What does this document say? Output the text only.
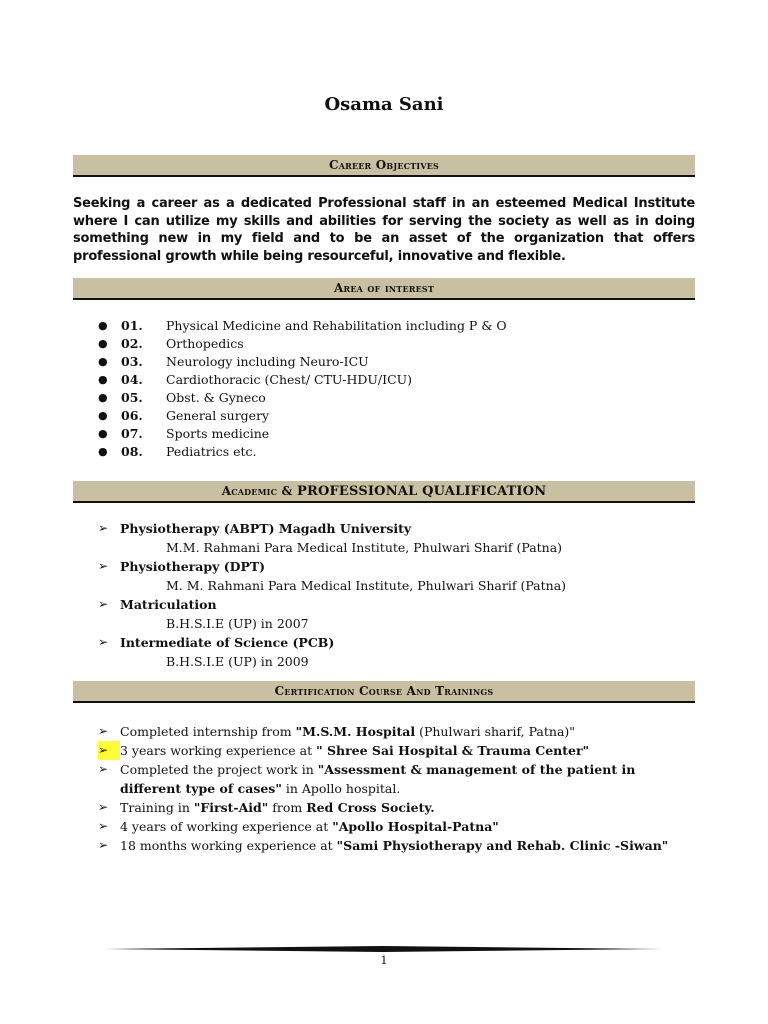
Osama Sani
Career Objectives
Seeking a career as a dedicated Professional staff in an esteemed Medical Institute where I can utilize my skills and abilities for serving the society as well as in doing something new in my field and to be an asset of the organization that offers professional growth while being resourceful, innovative and flexible.
Area of interest
●	01.	Physical Medicine and Rehabilitation including P & O
●	02.	Orthopedics
●	03.	Neurology including Neuro-ICU
●	04.	Cardiothoracic (Chest/ CTU-HDU/ICU)
●	05.	Obst. & Gyneco
●	06.	General surgery
●	07.	Sports medicine
●	08.	Pediatrics etc.
Academic & PROFESSIONAL QUALIFICATION
➢ Physiotherapy (ABPT) Magadh University
M.M. Rahmani Para Medical Institute, Phulwari Sharif (Patna)
➢ Physiotherapy (DPT)
M. M. Rahmani Para Medical Institute, Phulwari Sharif (Patna)
➢ Matriculation
B.H.S.I.E (UP) in 2007
➢ Intermediate of Science (PCB)
B.H.S.I.E (UP) in 2009
Certification Course And Trainings
➢ Completed internship from "M.S.M. Hospital (Phulwari sharif, Patna)"
➢ 3 years working experience at " Shree Sai Hospital & Trauma Center"
➢ Completed the project work in "Assessment & management of the patient in different type of cases" in Apollo hospital.
➢ Training in "First-Aid" from Red Cross Society.
➢ 4 years of working experience at "Apollo Hospital-Patna"
➢ 18 months working experience at "Sami Physiotherapy and Rehab. Clinic -Siwan"
1
